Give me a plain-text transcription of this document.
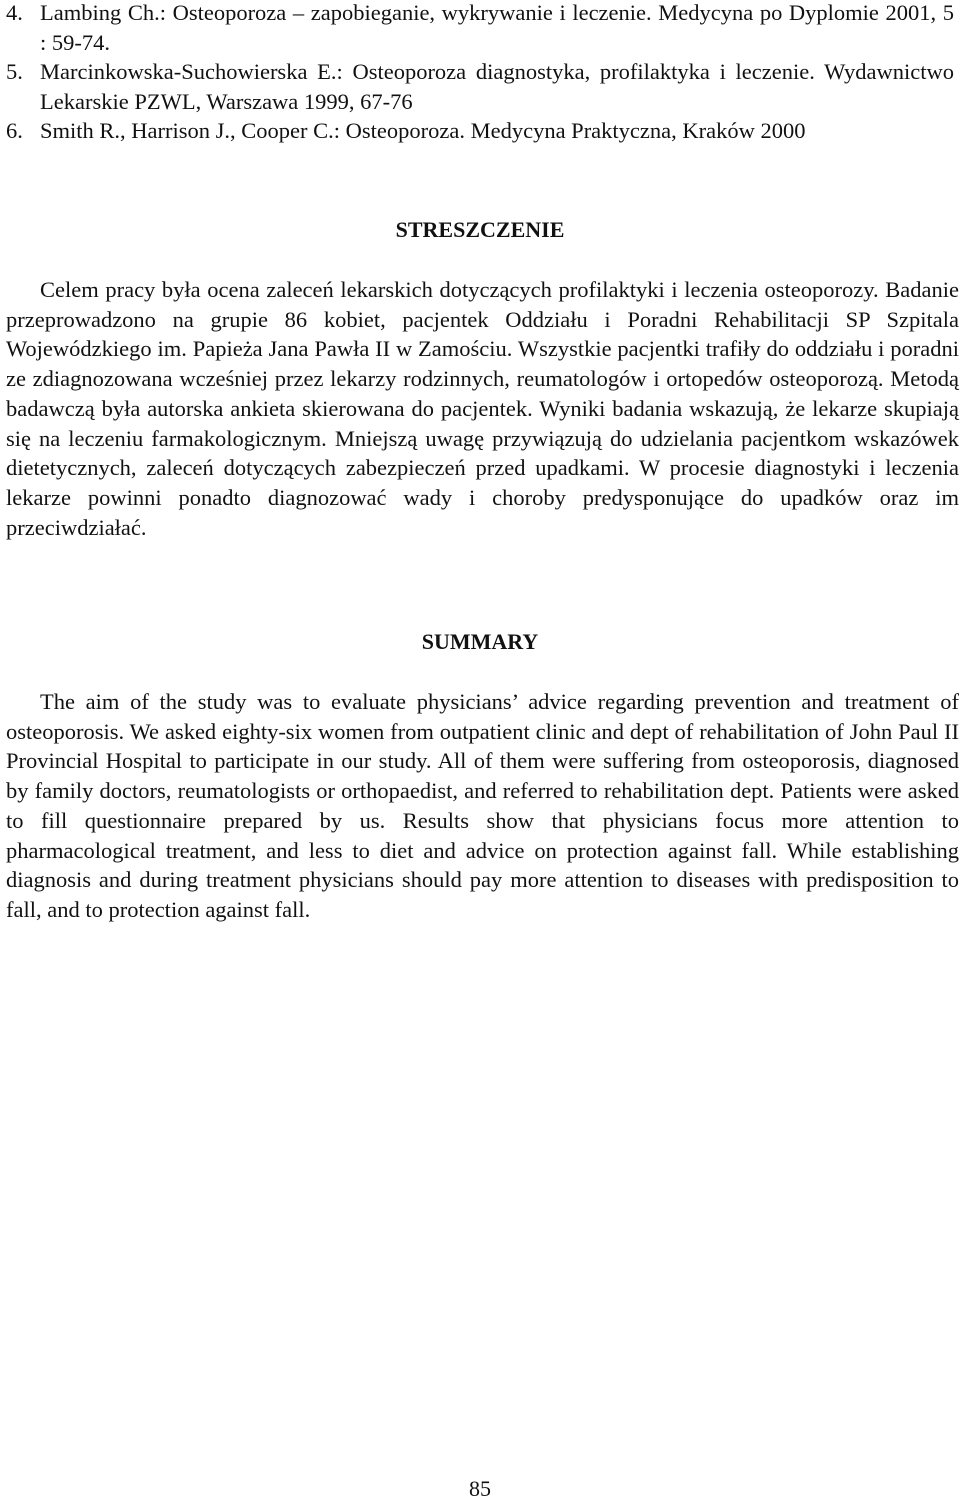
4. Lambing Ch.: Osteoporoza – zapobieganie, wykrywanie i leczenie. Medycyna po Dyplomie 2001, 5 : 59-74.

5. Marcinkowska-Suchowierska E.: Osteoporoza diagnostyka, profilaktyka i leczenie. Wydawnictwo Lekarskie PZWL, Warszawa 1999, 67-76

6. Smith R., Harrison J., Cooper C.: Osteoporoza. Medycyna Praktyczna, Kraków 2000

STRESZCZENIE

Celem pracy była ocena zaleceń lekarskich dotyczących profilaktyki i leczenia osteoporozy. Badanie przeprowadzono na grupie 86 kobiet, pacjentek Oddziału i Poradni Rehabilitacji SP Szpitala Wojewódzkiego im. Papieża Jana Pawła II w Zamościu. Wszystkie pacjentki trafiły do oddziału i poradni ze zdiagnozowana wcześniej przez lekarzy rodzinnych, reumatologów i ortopedów osteoporozą. Metodą badawczą była autorska ankieta skierowana do pacjentek. Wyniki badania wskazują, że lekarze skupiają się na leczeniu farmakologicznym. Mniejszą uwagę przywiązują do udzielania pacjentkom wskazówek dietetycznych, zaleceń dotyczących zabezpieczeń przed upadkami. W procesie diagnostyki i leczenia lekarze powinni ponadto diagnozować wady i choroby predysponujące do upadków oraz im przeciwdziałać.

SUMMARY

The aim of the study was to evaluate physicians’ advice regarding prevention and treatment of osteoporosis. We asked eighty-six women from outpatient clinic and dept of rehabilitation of John Paul II Provincial Hospital to participate in our study. All of them were suffering from osteoporosis, diagnosed by family doctors, reumatologists or orthopaedist, and referred to rehabilitation dept. Patients were asked to fill questionnaire prepared by us. Results show that physicians focus more attention to pharmacological treatment, and less to diet and advice on protection against fall. While establishing diagnosis and during treatment physicians should pay more attention to diseases with predisposition to fall, and to protection against fall.

85
